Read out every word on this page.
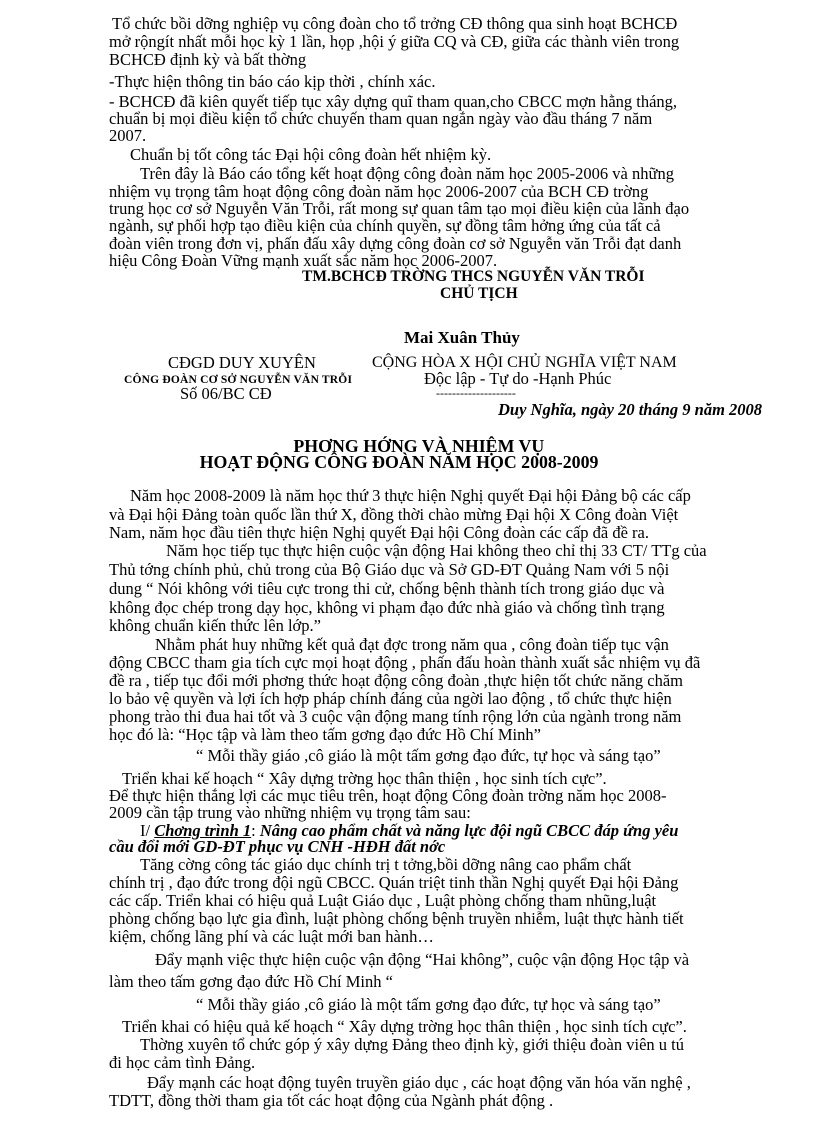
Tổ chức bồi dỡng nghiệp vụ công đoàn cho tổ trởng CĐ thông qua sinh hoạt BCHCĐ
mở rộngít nhất mỗi học kỳ 1 lần, họp ,hội ý giữa CQ và CĐ, giữa các thành viên trong
BCHCĐ định kỳ và bất thờng
-Thực hiện thông tin báo cáo kịp thời , chính xác.
- BCHCĐ đã kiên quyết tiếp tục xây dựng quĩ tham quan,cho CBCC mợn hằng tháng,
chuẩn bị mọi điều kiện tổ chức chuyến tham quan ngắn ngày vào đầu tháng 7 năm
2007.
Chuẩn bị tốt công tác Đại hội công đoàn hết nhiệm kỳ.
Trên đây là Báo cáo tổng kết hoạt động công đoàn năm học 2005-2006 và những
nhiệm vụ trọng tâm hoạt động công đoàn năm học 2006-2007 của BCH CĐ trờng
trung học cơ sở Nguyễn Văn Trỗi, rất mong sự quan tâm tạo mọi điều kiện của lãnh đạo
ngành, sự phối hợp tạo điều kiện của chính quyền, sự đồng tâm hởng ứng của tất cả
đoàn viên trong đơn vị, phấn đấu xây dựng công đoàn cơ sở Nguyễn văn Trỗi đạt danh
hiệu Công Đoàn Vững mạnh xuất sắc năm học 2006-2007.
TM.BCHCĐ TRỜNG THCS NGUYỄN VĂN TRỖI
CHỦ TỊCH
Mai Xuân Thủy
CĐGD DUY XUYÊN
CÔNG ĐOÀN CƠ SỞ NGUYỄN VĂN TRỖI
Số 06/BC CĐ
CỘNG HÒA X HỘI CHỦ NGHĨA VIỆT NAM
Độc lập - Tự do -Hạnh Phúc
--------------------
Duy Nghĩa, ngày 20 tháng 9 năm 2008
PHƠNG HỚNG VÀ NHIỆM VỤ
HOẠT ĐỘNG CÔNG ĐOÀN NĂM HỌC 2008-2009
Năm học 2008-2009 là năm học thứ 3 thực hiện Nghị quyết Đại hội Đảng bộ các cấp
và Đại hội Đảng toàn quốc lần thứ X, đồng thời chào mừng Đại hội X Công đoàn Việt
Nam, năm học đầu tiên thực hiện Nghị quyết Đại hội Công đoàn các cấp đã đề ra.
Năm học tiếp tục thực hiện cuộc vận động Hai không theo chỉ thị 33 CT/ TTg của
Thủ tớng chính phủ, chủ trong của Bộ Giáo dục và Sở GD-ĐT Quảng Nam với 5 nội
dung “ Nói không với tiêu cực trong thi cử, chống bệnh thành tích trong giáo dục và
không đọc chép trong dạy học, không vi phạm đạo đức nhà giáo và chống tình trạng
không chuẩn kiến thức lên lớp.”
Nhằm phát huy những kết quả đạt đợc trong năm qua , công đoàn tiếp tục vận
động CBCC tham gia tích cực mọi hoạt động , phấn đấu hoàn thành xuất sắc nhiệm vụ đã
đề ra , tiếp tục đổi mới phơng thức hoạt động công đoàn ,thực hiện tốt chức năng chăm
lo bảo vệ quyền và lợi ích hợp pháp chính đáng của ngời lao động , tổ chức thực hiện
phong trào thi đua hai tốt và 3 cuộc vận động mang tính rộng lớn của ngành trong năm
học đó là: “Học tập và làm theo tấm gơng đạo đức Hồ Chí Minh”
“ Mỗi thầy giáo ,cô giáo là một tấm gơng đạo đức, tự học và sáng tạo”
Triển khai kế hoạch “ Xây dựng trờng học thân thiện , học sinh tích cực”.
Để thực hiện thắng lợi các mục tiêu trên, hoạt động Công đoàn trờng năm học 2008-
2009 cần tập trung vào những nhiệm vụ trọng tâm sau:
I/ Chơng trình 1: Nâng cao phẩm chất và năng lực đội ngũ CBCC đáp ứng yêu
cầu đổi mới GD-ĐT phục vụ CNH -HĐH đất nớc
Tăng cờng công tác giáo dục chính trị t tởng,bồi dỡng nâng cao phẩm chất
chính trị , đạo đức trong đội ngũ CBCC. Quán triệt tinh thần Nghị quyết Đại hội Đảng
các cấp. Triển khai có hiệu quả Luật Giáo dục , Luật phòng chống tham nhũng,luật
phòng chống bạo lực gia đình, luật phòng chống bệnh truyền nhiễm, luật thực hành tiết
kiệm, chống lãng phí và các luật mới ban hành…
Đẩy mạnh việc thực hiện cuộc vận động “Hai không”, cuộc vận động Học tập và
làm theo tấm gơng đạo đức Hồ Chí Minh “
“ Mỗi thầy giáo ,cô giáo là một tấm gơng đạo đức, tự học và sáng tạo”
Triển khai có hiệu quả kế hoạch “ Xây dựng trờng học thân thiện , học sinh tích cực”.
Thờng xuyên tổ chức góp ý xây dựng Đảng theo định kỳ, giới thiệu đoàn viên u tú
đi học cảm tình Đảng.
Đẩy mạnh các hoạt động tuyên truyền giáo dục , các hoạt động văn hóa văn nghệ ,
TDTT, đồng thời tham gia tốt các hoạt động của Ngành phát động .
